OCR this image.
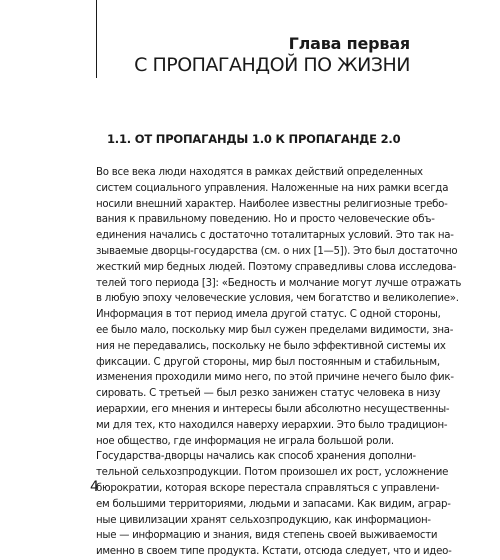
Глава первая
С ПРОПАГАНДОЙ ПО ЖИЗНИ
1.1. ОТ ПРОПАГАНДЫ 1.0 К ПРОПАГАНДЕ 2.0
Во все века люди находятся в рамках действий определенных
систем социального управления. Наложенные на них рамки всегда
носили внешний характер. Наиболее известны религиозные требо-
вания к правильному поведению. Но и просто человеческие объ-
единения начались с достаточно тоталитарных условий. Это так на-
зываемые дворцы-государства (см. о них [1—5]). Это был достаточно
жесткий мир бедных людей. Поэтому справедливы слова исследова-
телей того периода [3]: «Бедность и молчание могут лучше отражать
в любую эпоху человеческие условия, чем богатство и великолепие».
Информация в тот период имела другой статус. С одной стороны,
ее было мало, поскольку мир был сужен пределами видимости, зна-
ния не передавались, поскольку не было эффективной системы их
фиксации. С другой стороны, мир был постоянным и стабильным,
изменения проходили мимо него, по этой причине нечего было фик-
сировать. С третьей — был резко занижен статус человека в низу
иерархии, его мнения и интересы были абсолютно несущественны-
ми для тех, кто находился наверху иерархии. Это было традицион-
ное общество, где информация не играла большой роли.
Государства-дворцы начались как способ хранения дополни-
тельной сельхозпродукции. Потом произошел их рост, усложнение
бюрократии, которая вскоре перестала справляться с управлени-
ем большими территориями, людьми и запасами. Как видим, аграр-
ные цивилизации хранят сельхозпродукцию, как информацион-
ные — информацию и знания, видя степень своей выживаемости
именно в своем типе продукта. Кстати, отсюда следует, что и идео-
4
